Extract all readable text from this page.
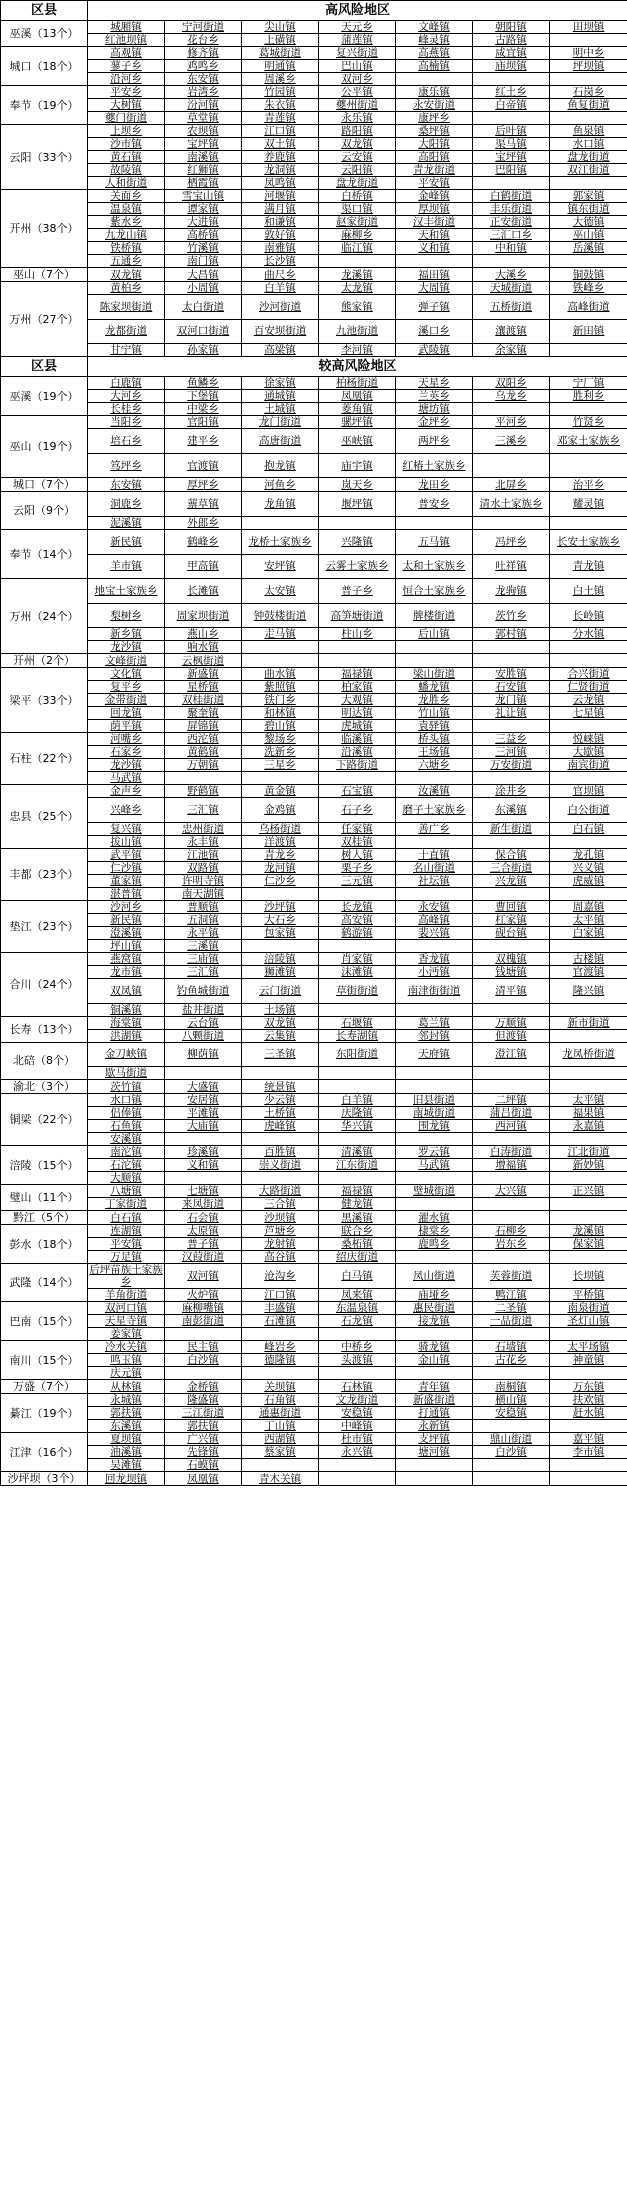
区县	高风险地区						
巫溪（13个）	城厢镇	宁河街道	尖山镇	天元乡	文峰镇	朝阳镇	田坝镇
	红池坝镇	花台乡	上磺镇	蒲莲镇	峰灵镇	古路镇	
城口（18个）	高观镇	修齐镇	葛城街道	复兴街道	高燕镇	咸宜镇	明中乡
	蓼子乡	鸡鸣乡	明通镇	巴山镇	高楠镇	庙坝镇	坪坝镇
	沿河乡	东安镇	周溪乡	双河乡			
奉节（19个）	平安乡	岩湾乡	竹园镇	公平镇	康乐镇	红土乡	石岗乡
	大树镇	汾河镇	朱衣镇	夔州街道	永安街道	白帝镇	鱼复街道
	夔门街道	草堂镇	青莲镇	永乐镇	康坪乡		
云阳（33个）	上坝乡	农坝镇	江口镇	路阳镇	桑坪镇	后叶镇	鱼泉镇
	沙市镇	宝坪镇	双土镇	双龙镇	大阳镇	渠马镇	水口镇
	黄石镇	南溪镇	养鹿镇	云安镇	高阳镇	宝坪镇	盘龙街道
	故陵镇	红狮镇	龙洞镇	云阳镇	青龙街道	巴阳镇	双江街道
	人和街道	栖霞镇	凤鸣镇	盘龙街道	平安镇		
开州（38个）	关面乡	雪宝山镇	河堰镇	白桥镇	金峰镇	白鹤街道	郭家镇
	温泉镇	谭家镇	满月镇	渠口镇	厚坝镇	丰乐街道	镇东街道
	紫水乡	大进镇	和谦镇	赵家街道	汉丰街道	正安街道	大德镇
	九龙山镇	高桥镇	敦好镇	麻柳乡	天和镇	三汇口乡	巫山镇
	铁桥镇	竹溪镇	南雅镇	临江镇	义和镇	中和镇	岳溪镇
	五通乡	南门镇	长沙镇				
巫山（7个）	双龙镇	大昌镇	曲尺乡	龙溪镇	福田镇	大溪乡	铜鼓镇
万州（27个）	黄柏乡	小周镇	白羊镇	太龙镇	大周镇	天城街道	铁峰乡
	陈家坝街道	太白街道	沙河街道	熊家镇	弹子镇	五桥街道	高峰街道
	龙都街道	双河口街道	百安坝街道	九池街道	溪口乡	瀼渡镇	新田镇
	甘宁镇	孙家镇	高梁镇	李河镇	武陵镇	余家镇	
区县	较高风险地区						
巫溪（19个）	白鹿镇	鱼鳞乡	徐家镇	柏杨街道	天星乡	双阳乡	宁厂镇
	大河乡	下堡镇	通城镇	凤凰镇	兰英乡	乌龙乡	胜利乡
	长桂乡	中梁乡	土城镇	菱角镇	塘坊镇		
巫山（19个）	当阳乡	官阳镇	龙门街道	骡坪镇	金坪乡	平河乡	竹贤乡
	培石乡	建平乡	高唐街道	巫峡镇	两坪乡	三溪乡	邓家土家族乡
	笃坪乡	官渡镇	抱龙镇	庙宇镇	红椿土家族乡		
城口（7个）	东安镇	厚坪乡	河鱼乡	岚天乡	龙田乡	北屏乡	治平乡
云阳（9个）	洞鹿乡	蔈草镇	龙角镇	堰坪镇	普安乡	清水土家族乡	耀灵镇
	泥溪镇	外郎乡					
奉节（14个）	新民镇	鹤峰乡	龙桥土家族乡	兴隆镇	五马镇	冯坪乡	长安土家族乡
	羊市镇	甲高镇	安坪镇	云雾土家族乡	太和土家族乡	吐祥镇	青龙镇
万州（24个）	地宝土家族乡	长滩镇	太安镇	普子乡	恒合土家族乡	龙驹镇	白土镇
	梨树乡	周家坝街道	钟鼓楼街道	高笋塘街道	牌楼街道	茨竹乡	长岭镇
	新乡镇	燕山乡	走马镇	柱山乡	后山镇	郭村镇	分水镇
	龙沙镇	响水镇					
开州（2个）	文峰街道	云枫街道					
梁平（33个）	文化镇	新盛镇	曲水镇	福禄镇	梁山街道	安胜镇	合兴街道
	复平乡	星桥镇	紫照镇	柏家镇	蟠龙镇	石安镇	仁贤街道
	金带街道	双桂街道	铁门乡	大观镇	龙胜乡	龙门镇	云龙镇
	回龙镇	聚奎镇	和林镇	明达镇	竹山镇	礼让镇	七星镇
	荫平镇	屏锦镇	碧山镇	虎城镇	袁驿镇		
石柱（22个）	河嘴乡	西沱镇	黎场乡	临溪镇	桥头镇	三益乡	悦崃镇
	石家乡	黄鹤镇	洗新乡	沿溪镇	王场镇	三河镇	大歇镇
	龙沙镇	万朝镇	三星乡	下路街道	六塘乡	万安街道	南宾街道
	马武镇						
忠县（25个）	金声乡	野鹤镇	黄金镇	石宝镇	汝溪镇	涂井乡	官坝镇
	兴峰乡	三汇镇	金鸡镇	石子乡	磨子土家族乡	东溪镇	白公街道
	复兴镇	忠州街道	乌杨街道	任家镇	善广乡	新生街道	白石镇
	拔山镇	永丰镇	洋渡镇	双桂镇			
丰都（23个）	武平镇	江池镇	青龙乡	树人镇	十直镇	保合镇	龙孔镇
	仁沙镇	双路镇	龙河镇	栗子乡	名山街道	三合街道	兴义镇
	董家镇	许明寺镇	仁沙乡	三元镇	社坛镇	兴龙镇	虎威镇
	湛普镇	南天湖镇					
垫江（23个）	沙河乡	普顺镇	沙坪镇	长龙镇	永安镇	曹回镇	周嘉镇
	新民镇	五洞镇	大石乡	高安镇	高峰镇	杠家镇	太平镇
	澄溪镇	永平镇	包家镇	鹤游镇	裴兴镇	砚台镇	白家镇
	坪山镇	三溪镇					
合川（24个）	燕窝镇	三庙镇	涪陵镇	肖家镇	香龙镇	双槐镇	古楼镇
	龙市镇	三汇镇	狮滩镇	沫滩镇	小沔镇	钱塘镇	官渡镇
	双凤镇	钓鱼城街道	云门街道	草街街道	南津街街道	清平镇	隆兴镇
	铜溪镇	盐井街道	土场镇				
长寿（13个）	海棠镇	云台镇	双龙镇	石堰镇	葛兰镇	万顺镇	新市街道
	洪湖镇	八颗街道	云集镇	长寿湖镇	邻封镇	但渡镇	
北碚（8个）	金刀峡镇	柳荫镇	三圣镇	东阳街道	天府镇	澄江镇	龙凤桥街道
	歇马街道						
渝北（3个）	茨竹镇	大盛镇	统景镇				
铜梁（22个）	水口镇	安居镇	少云镇	白羊镇	旧县街道	二坪镇	太平镇
	侣俸镇	平滩镇	土桥镇	庆隆镇	南城街道	蒲吕街道	福果镇
	石鱼镇	大庙镇	虎峰镇	华兴镇	围龙镇	西河镇	永嘉镇
	安溪镇						
涪陵（15个）	南沱镇	珍溪镇	百胜镇	清溪镇	罗云镇	白涛街道	江北街道
	石沱镇	义和镇	崇义街道	江东街道	马武镇	增福镇	新妙镇
	大顺镇						
璧山（11个）	八塘镇	七塘镇	大路街道	福禄镇	璧城街道	大兴镇	正兴镇
	丁家街道	来凤街道	三合镇	健龙镇			
黔江（5个）	白石镇	石会镇	沙坝镇	黑溪镇	濯水镇		
彭水（18个）	连湖镇	太原镇	芦塘乡	联合乡	棣棠乡	石柳乡	龙溪镇
	平安镇	普子镇	龙射镇	桑柘镇	鹿鸣乡	岩东乡	保家镇
	万足镇	汉葭街道	高谷镇	绍庆街道			
武隆（14个）	后坪苗族土家族乡	双河镇	沧沟乡	白马镇	凤山街道	芙蓉街道	长坝镇
	羊角街道	火炉镇	江口镇	凤来镇	庙垭乡	鸭江镇	平桥镇
巴南（15个）	双河口镇	麻柳嘴镇	丰盛镇	东温泉镇	惠民街道	二圣镇	南泉街道
	天星寺镇	南彭街道	石滩镇	石龙镇	接龙镇	一品街道	圣灯山镇
	姜家镇						
南川（15个）	冷水关镇	民主镇	峰岩乡	中桥乡	骑龙镇	石墙镇	太平场镇
	鸣玉镇	白沙镇	德隆镇	头渡镇	金山镇	古花乡	神童镇
	庆元镇						
万盛（7个）	从林镇	金桥镇	关坝镇	石林镇	青年镇	南桐镇	万东镇
綦江（19个）	永城镇	隆盛镇	石角镇	文龙街道	新盛街道	横山镇	扶欢镇
	郭扶镇	三江街道	通惠街道	安稳镇	打通镇	安稳镇	赶水镇
	东溪镇	郭扶镇	丁山镇	中峰镇	永新镇		
江津（16个）	夏坝镇	广兴镇	西湖镇	杜市镇	支坪镇	鼎山街道	嘉平镇
	油溪镇	先锋镇	蔡家镇	永兴镇	塘河镇	白沙镇	李市镇
	吴滩镇	石蟆镇					
沙坪坝（3个）	回龙坝镇	凤凰镇	青木关镇				
